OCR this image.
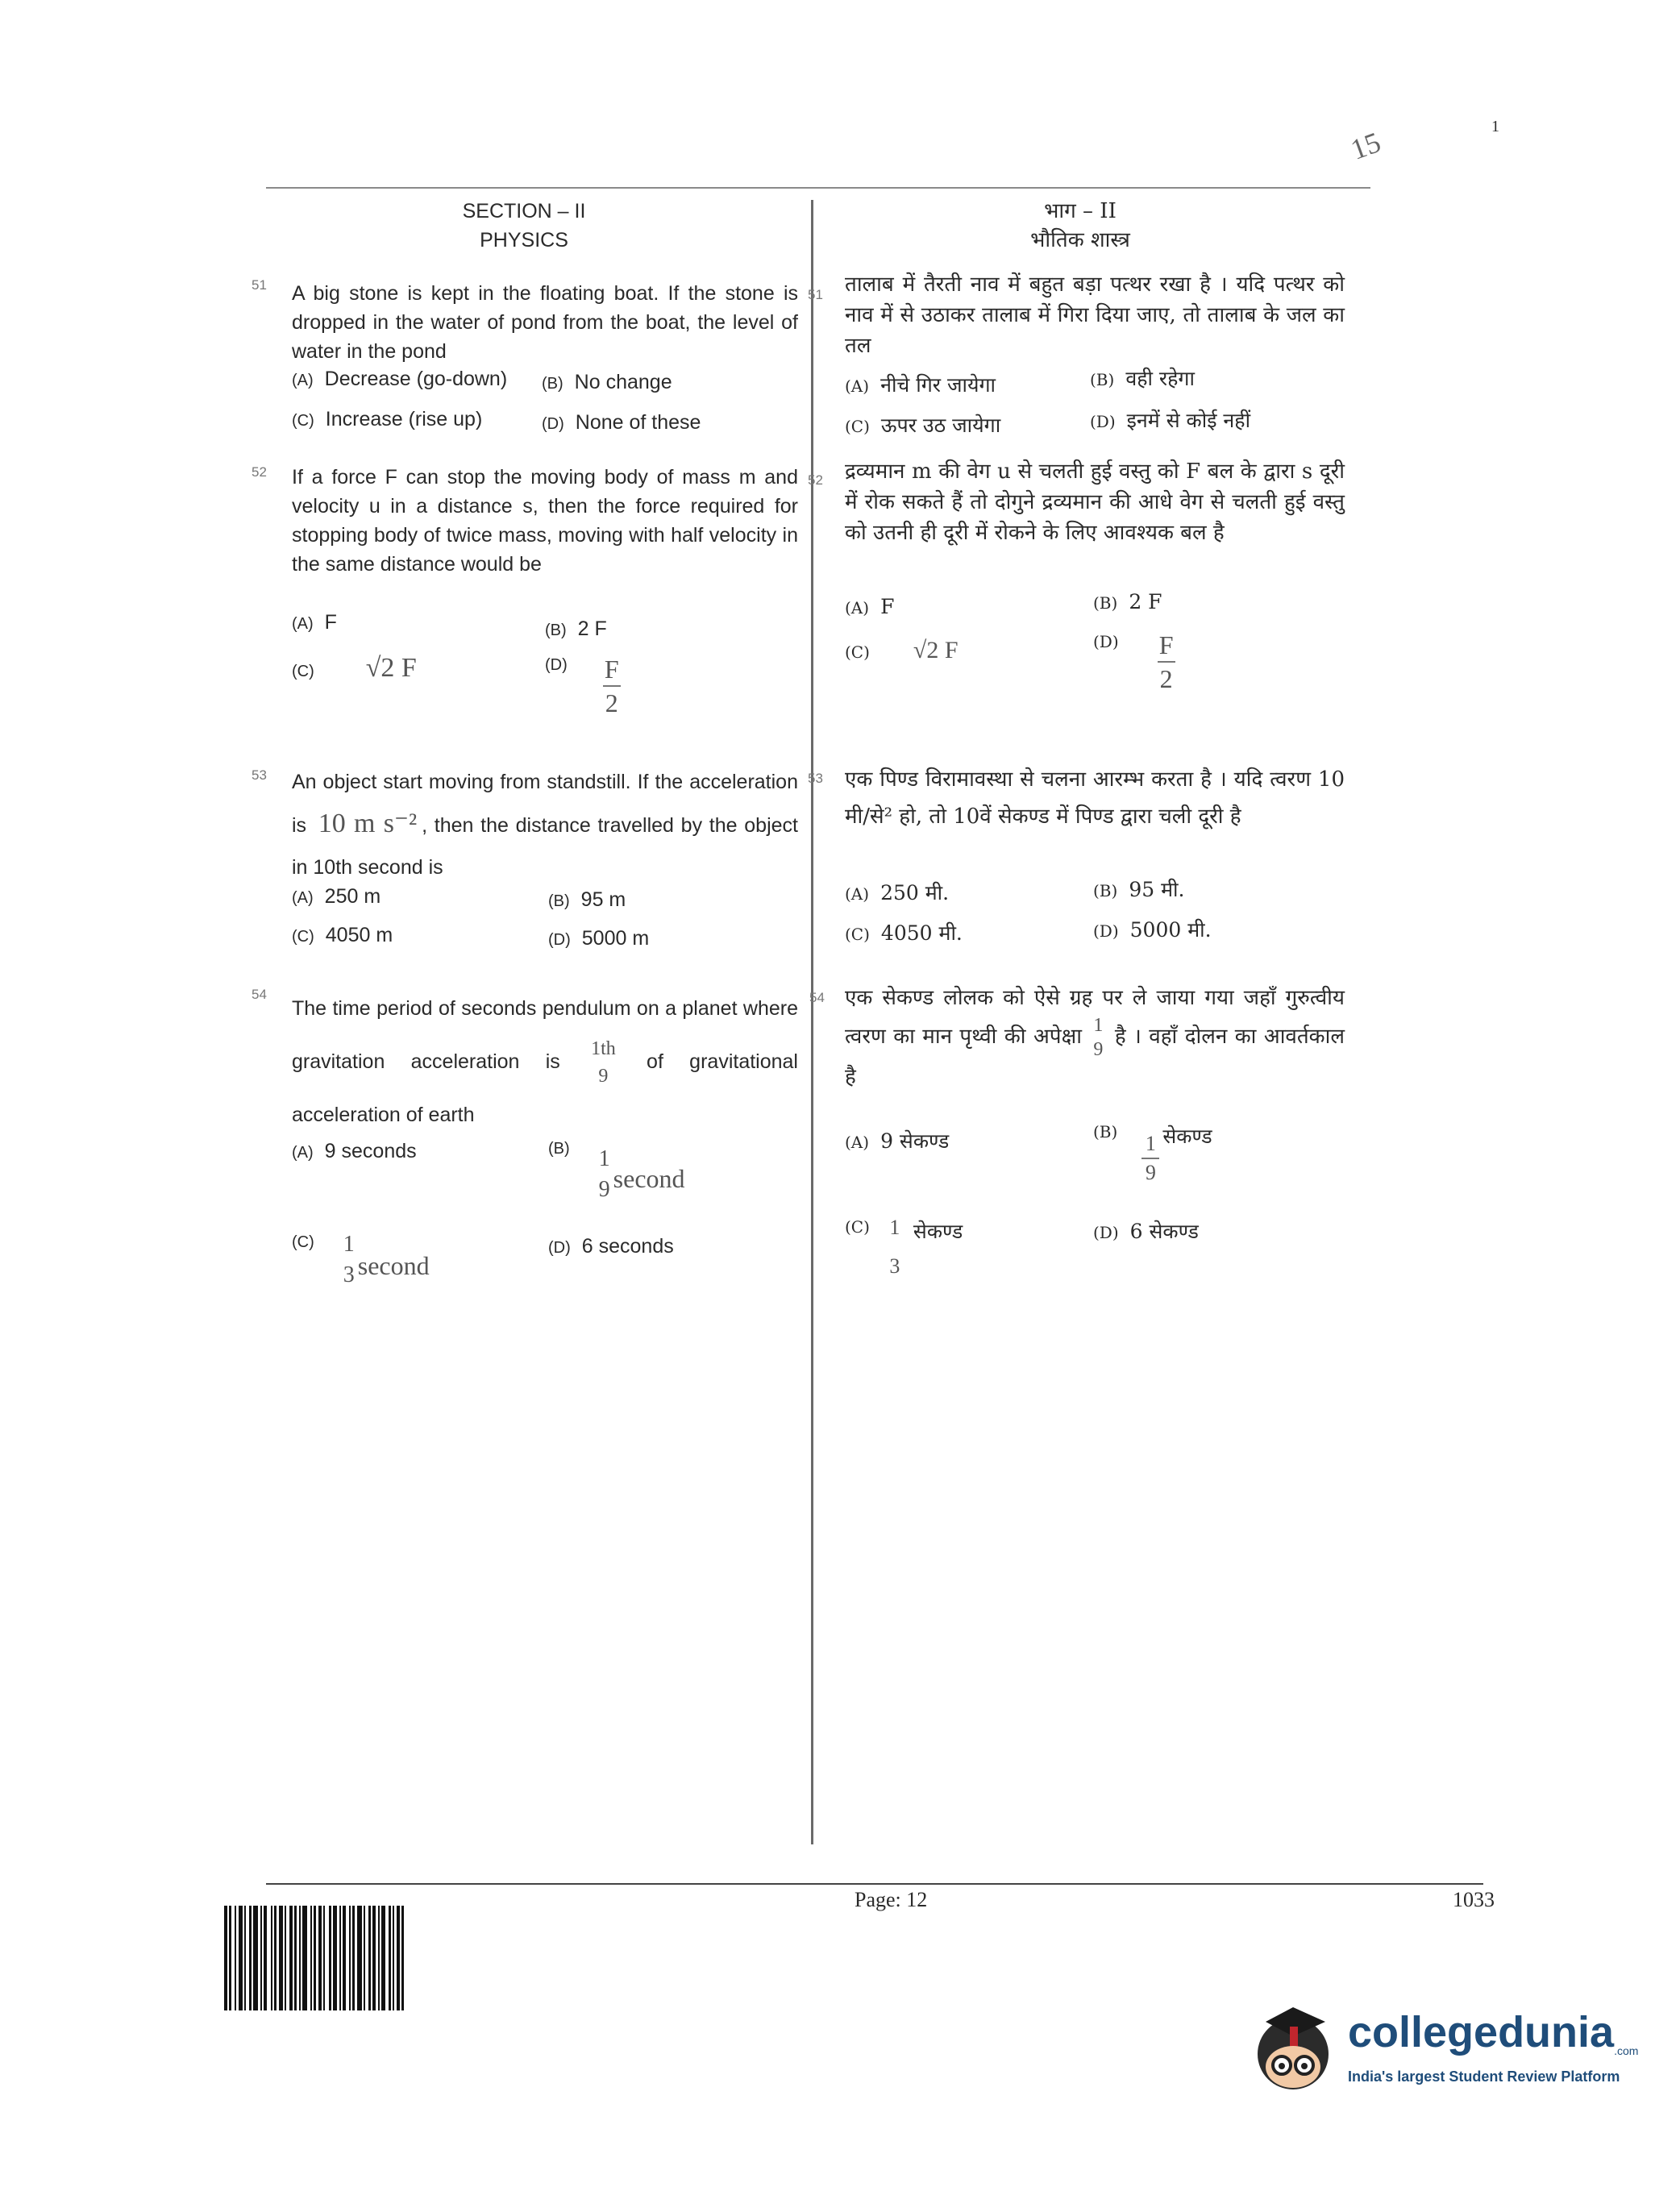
15	1
SECTION – II
PHYSICS
भाग – II
भौतिक शास्त्र
51 A big stone is kept in the floating boat. If the stone is dropped in the water of pond from the boat, the level of water in the pond
(A) Decrease (go-down) (B) No change
(C) Increase (rise up)	(D) None of these
51 तालाब में तैरती नाव में बहुत बड़ा पत्थर रखा है । यदि पत्थर को नाव में से उठाकर तालाब में गिरा दिया जाए, तो तालाब के जल का तल
(A) नीचे गिर जायेगा	(B) वही रहेगा
(C) ऊपर उठ जायेगा	(D) इनमें से कोई नहीं
52 If a force F can stop the moving body of mass m and velocity u in a distance s, then the force required for stopping body of twice mass, moving with half velocity in the same distance would be
(A) F	(B) 2 F
(C) √2 F	$^{(D)} \frac{F}{2}$
52 द्रव्यमान m की वेग u से चलती हुई वस्तु को F बल के द्वारा s दूरी में रोक सकते हैं तो दोगुने द्रव्यमान की आधे वेग से चलती हुई वस्तु को उतनी ही दूरी में रोकने के लिए आवश्यक बल है
(A) F	(B) 2 F
(C) √2 F	$^{(D)} \frac{F}{2}$
53 An object start moving from standstill. If the acceleration is 10 m s⁻² , then the distance travelled by the object in 10th second is
(A) 250 m	(B) 95 m
(C) 4050 m	(D) 5000 m
53 एक पिण्ड विरामावस्था से चलना आरम्भ करता है । यदि त्वरण 10 मी/से² हो, तो 10वें सेकण्ड में पिण्ड द्वारा चली दूरी है
(A) 250 मी.	(B) 95 मी.
(C) 4050 मी.	(D) 5000 मी.
54
The time period of seconds pendulum on a planet where gravitation acceleration is
1th
9
of gravitational acceleration of earth
(A) 9 seconds	$^{(B)}$ 1
9 second
$^{(C)}$ 1
3 second
(D) 6 seconds
54 एक सेकण्ड लोलक को ऐसे ग्रह पर ले जाया गया जहाँ गुरुत्वीय त्वरण का मान पृथ्वी की अपेक्षा 1
9
है । वहाँ दोलन का आवर्तकाल है
(A) 9 सेकण्ड	$^{(B)}$
$\frac{1}{9}$ सेकण्ड
$^{(C)}$ 1
3
सेकण्ड	(D) 6 सेकण्ड
Page: 12	1033
collegedunia.com
India's largest Student Review Platform
